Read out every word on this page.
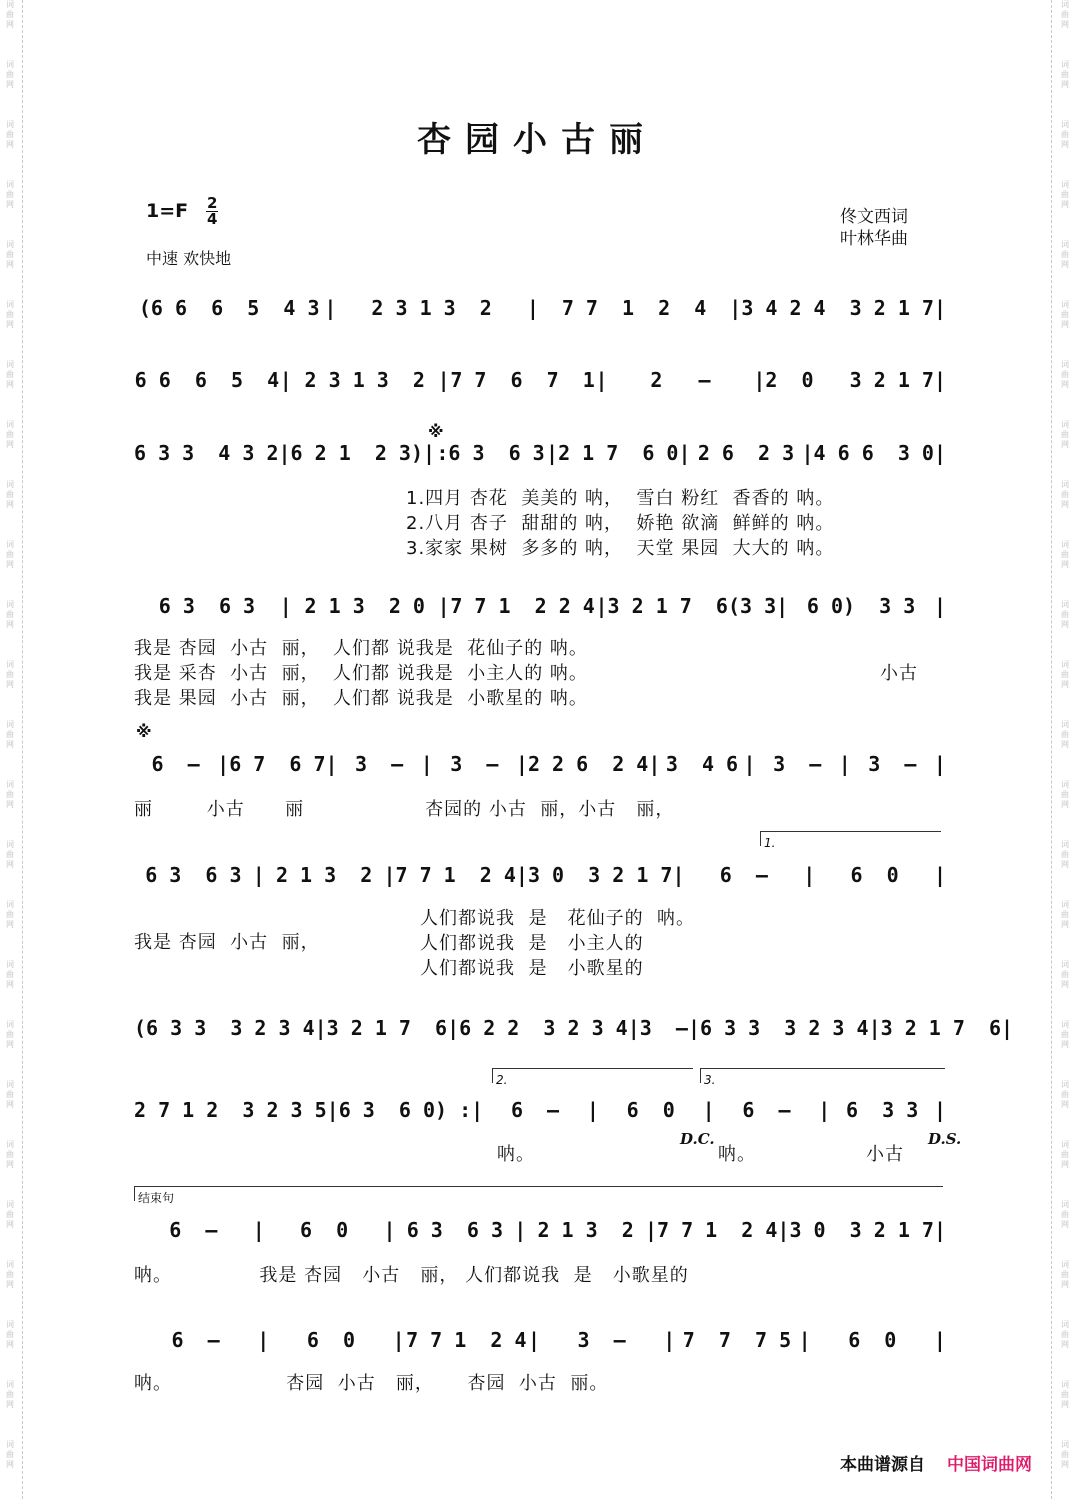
词
曲
网
词
曲
网
词
曲
网
词
曲
网
词
曲
网
词
曲
网
词
曲
网
词
曲
网
词
曲
网
词
曲
网
词
曲
网
词
曲
网
词
曲
网
词
曲
网
词
曲
网
词
曲
网
词
曲
网
词
曲
网
词
曲
网
词
曲
网
词
曲
网
词
曲
网
词
曲
网
词
曲
网
词
曲
网
词
曲
网
词
曲
网
词
曲
网
词
曲
网
词
曲
网
词
曲
网
词
曲
网
词
曲
网
词
曲
网
词
曲
网
词
曲
网
词
曲
网
词
曲
网
词
曲
网
词
曲
网
词
曲
网
词
曲
网
词
曲
网
词
曲
网
词
曲
网
词
曲
网
词
曲
网
词
曲
网
词
曲
网
词
曲
网
杏园小古丽
1=F 2
4
中速 欢快地
佟文西词
叶林华曲
(6 6  6  5  4 3 |	2 3 1 3  2	|	7 7  1  2  4	| 3 4 2 4  3 2 1 7 |
6 6  6  5  4 | 2 3 1 3  2 | 7 7  6  7  1 |	2   –	| 2  0   3 2 1 7 |
6 3 3  4 3 2 | 6 2 1  2 3) | :6 3  6 3 | 2 1 7  6 0 | 2 6  2 3 | 4 6 6  3 0 |
※
1.四月 杏花  美美的 呐，  雪白 粉红  香香的 呐。
2.八月 杏子  甜甜的 呐，  娇艳 欲滴  鲜鲜的 呐。
3.家家 果树  多多的 呐，  天堂 果园  大大的 呐。
6 3  6 3	| 2 1 3  2 0 | 7 7 1  2 2 4 | 3 2 1 7  6(3 3 | 6 0)  3 3 |
我是 杏园  小古  丽，  人们都 说我是  花仙子的 呐。
我是 采杏  小古  丽，  人们都 说我是  小主人的 呐。
我是 果园  小古  丽，  人们都 说我是  小歌星的 呐。
小古
※
6  – | 6 7  6 7 | 3  – | 3  – | 2 2 6  2 4 | 3  4 6 | 3  – | 3  – |
丽        小古      丽                  杏园的 小古  丽，小古   丽，
1.
6 3  6 3 | 2 1 3  2 | 7 7 1  2 4 | 3 0  3 2 1 7 |	6  –	|	6  0	|
我是 杏园  小古  丽，
人们都说我  是   花仙子的  呐。
人们都说我  是   小主人的
人们都说我  是   小歌星的
(6 3 3  3 2 3 4 | 3 2 1 7  6 | 6 2 2  3 2 3 4 | 3  – | 6 3 3  3 2 3 4 | 3 2 1 7  6 |
2.	3.
2 7 1 2  3 2 3 5 | 6 3  6 0) : |	6  –	|	6  0	|	6  –	| 6  3 3 |
呐。	呐。	小古
D.C.	D.S.
结束句
6  –	|	6  0	| 6 3  6 3 | 2 1 3  2 | 7 7 1  2 4 | 3 0  3 2 1 7 |
呐。             我是 杏园   小古   丽， 人们都说我  是   小歌星的
6  –	|	6  0	| 7 7 1  2 4 |	3  –	| 7  7  7 5 |	6  0	|
呐。                 杏园  小古   丽，     杏园  小古  丽。
本曲谱源自 中国词曲网
